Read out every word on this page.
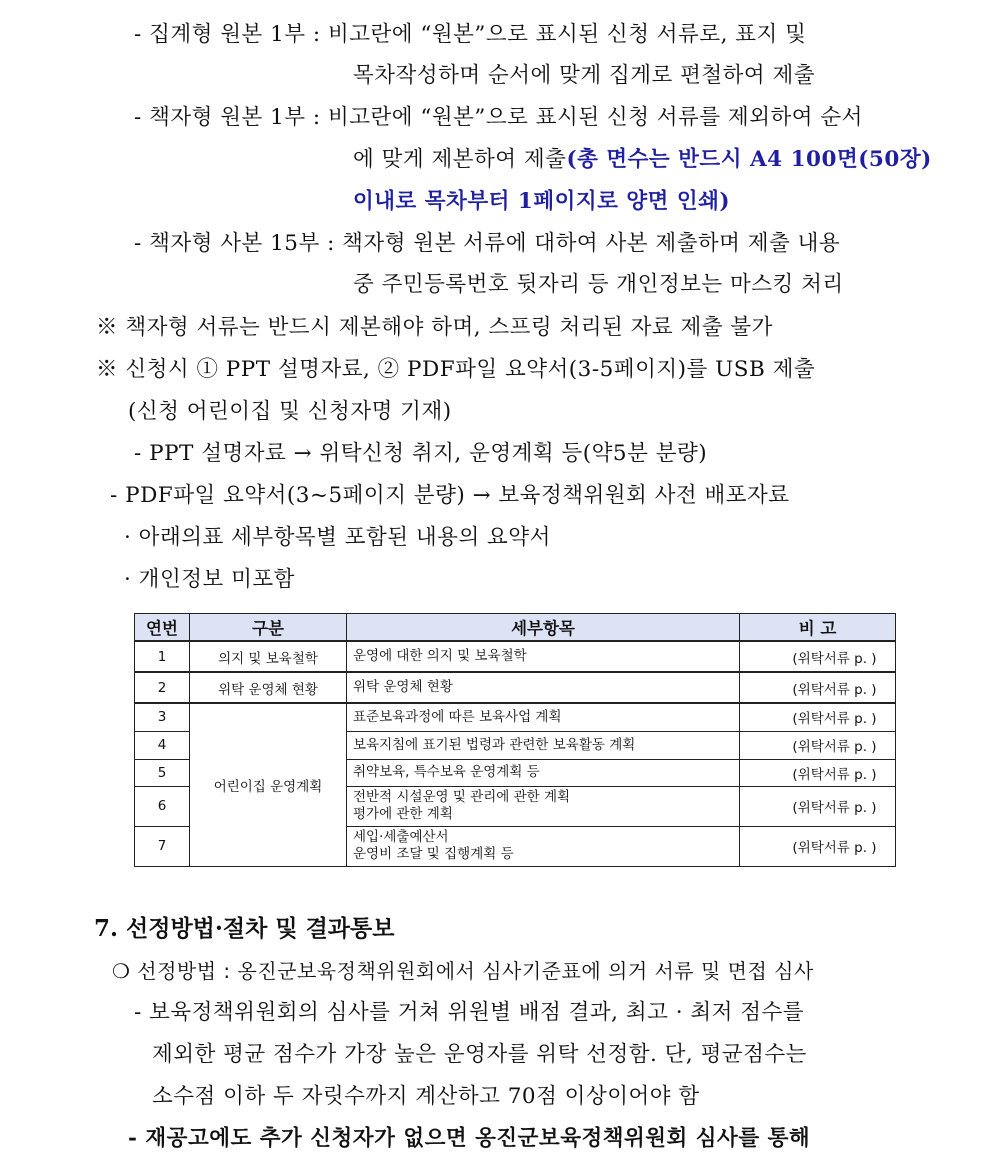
- 집계형 원본 1부 : 비고란에 “원본”으로 표시된 신청 서류로, 표지 및
목차작성하며 순서에 맞게 집게로 편철하여 제출
- 책자형 원본 1부 : 비고란에 “원본”으로 표시된 신청 서류를 제외하여 순서
에 맞게 제본하여 제출(총 면수는 반드시 A4 100면(50장)
이내로 목차부터 1페이지로 양면 인쇄)
- 책자형 사본 15부 : 책자형 원본 서류에 대하여 사본 제출하며 제출 내용
중 주민등록번호 뒷자리 등 개인정보는 마스킹 처리
※ 책자형 서류는 반드시 제본해야 하며, 스프링 처리된 자료 제출 불가
※ 신청시 ① PPT 설명자료, ② PDF파일 요약서(3-5페이지)를 USB 제출
(신청 어린이집 및 신청자명 기재)
- PPT 설명자료 → 위탁신청 취지, 운영계획 등(약5분 분량)
- PDF파일 요약서(3~5페이지 분량) → 보육정책위원회 사전 배포자료
· 아래의표 세부항목별 포함된 내용의 요약서
· 개인정보 미포함
연번	구분	세부항목	비 고
1	의지 및 보육철학	운영에 대한 의지 및 보육철학	(위탁서류 p. )
2	위탁 운영체 현황	위탁 운영체 현황	(위탁서류 p. )
3	어린이집 운영계획	표준보육과정에 따른 보육사업 계획	(위탁서류 p. )
4		보육지침에 표기된 법령과 관련한 보육활동 계획	(위탁서류 p. )
5		취약보육, 특수보육 운영계획 등	(위탁서류 p. )
6		전반적 시설운영 및 관리에 관한 계획
평가에 관한 계획	(위탁서류 p. )
7		세입·세출예산서
운영비 조달 및 집행계획 등	(위탁서류 p. )
7. 선정방법·절차 및 결과통보
❍ 선정방법 : 옹진군보육정책위원회에서 심사기준표에 의거 서류 및 면접 심사
- 보육정책위원회의 심사를 거쳐 위원별 배점 결과, 최고 · 최저 점수를
제외한 평균 점수가 가장 높은 운영자를 위탁 선정함. 단, 평균점수는
소수점 이하 두 자릿수까지 계산하고 70점 이상이어야 함
- 재공고에도 추가 신청자가 없으면 옹진군보육정책위원회 심사를 통해
